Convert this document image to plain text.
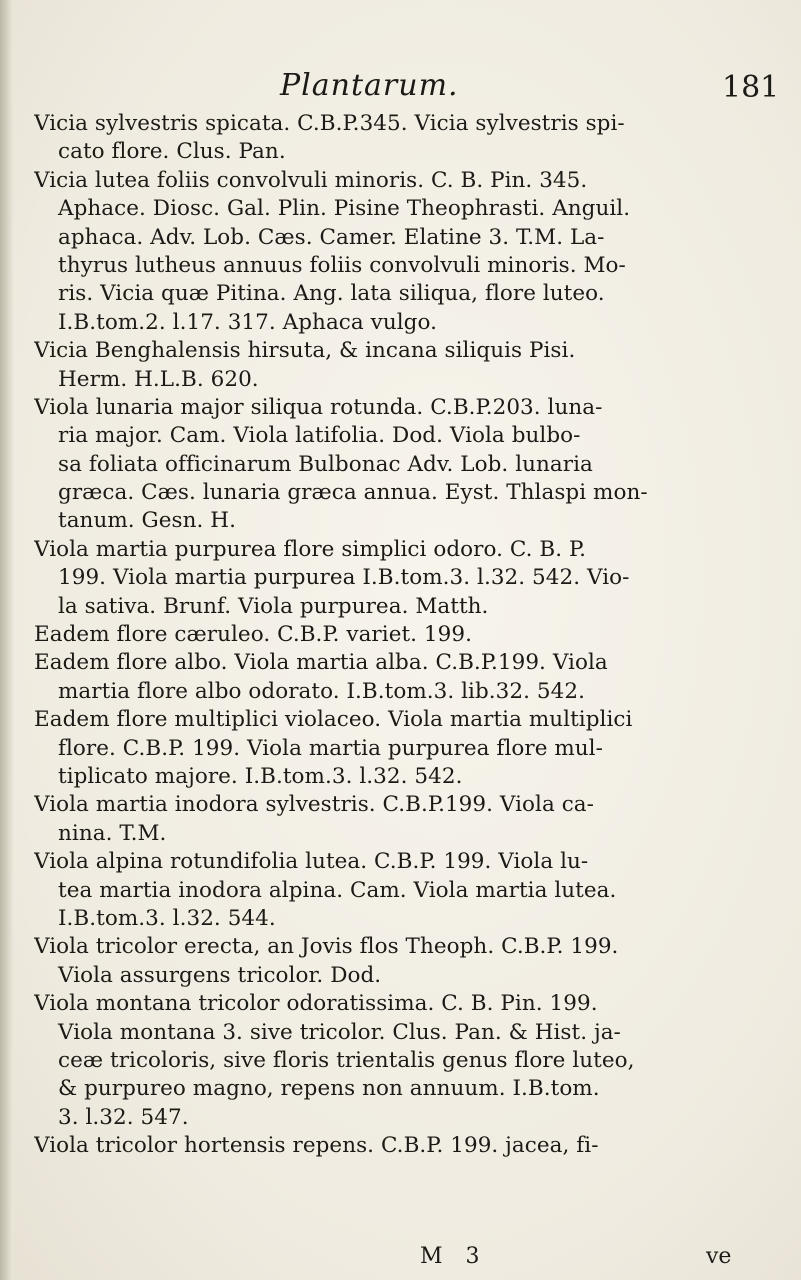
Plantarum.	181
Vicia sylvestris spicata. C.B.P.345. Vicia sylvestris spi-
cato flore. Clus. Pan.
Vicia lutea foliis convolvuli minoris. C. B. Pin. 345.
Aphace. Diosc. Gal. Plin. Pisine Theophrasti. Anguil.
aphaca. Adv. Lob. Cæs. Camer. Elatine 3. T.M. La-
thyrus lutheus annuus foliis convolvuli minoris. Mo-
ris. Vicia quæ Pitina. Ang. lata siliqua, flore luteo.
I.B.tom.2. l.17. 317. Aphaca vulgo.
Vicia Benghalensis hirsuta, & incana siliquis Pisi.
Herm. H.L.B. 620.
Viola lunaria major siliqua rotunda. C.B.P.203. luna-
ria major. Cam. Viola latifolia. Dod. Viola bulbo-
sa foliata officinarum Bulbonac Adv. Lob. lunaria
græca. Cæs. lunaria græca annua. Eyst. Thlaspi mon-
tanum. Gesn. H.
Viola martia purpurea flore simplici odoro. C. B. P.
199. Viola martia purpurea I.B.tom.3. l.32. 542. Vio-
la sativa. Brunf. Viola purpurea. Matth.
Eadem flore cæruleo. C.B.P. variet. 199.
Eadem flore albo. Viola martia alba. C.B.P.199. Viola
martia flore albo odorato. I.B.tom.3. lib.32. 542.
Eadem flore multiplici violaceo. Viola martia multiplici
flore. C.B.P. 199. Viola martia purpurea flore mul-
tiplicato majore. I.B.tom.3. l.32. 542.
Viola martia inodora sylvestris. C.B.P.199. Viola ca-
nina. T.M.
Viola alpina rotundifolia lutea. C.B.P. 199. Viola lu-
tea martia inodora alpina. Cam. Viola martia lutea.
I.B.tom.3. l.32. 544.
Viola tricolor erecta, an Jovis flos Theoph. C.B.P. 199.
Viola assurgens tricolor. Dod.
Viola montana tricolor odoratissima. C. B. Pin. 199.
Viola montana 3. sive tricolor. Clus. Pan. & Hist. ja-
ceæ tricoloris, sive floris trientalis genus flore luteo,
& purpureo magno, repens non annuum. I.B.tom.
3. l.32. 547.
Viola tricolor hortensis repens. C.B.P. 199. jacea, fi-
M 3	ve
